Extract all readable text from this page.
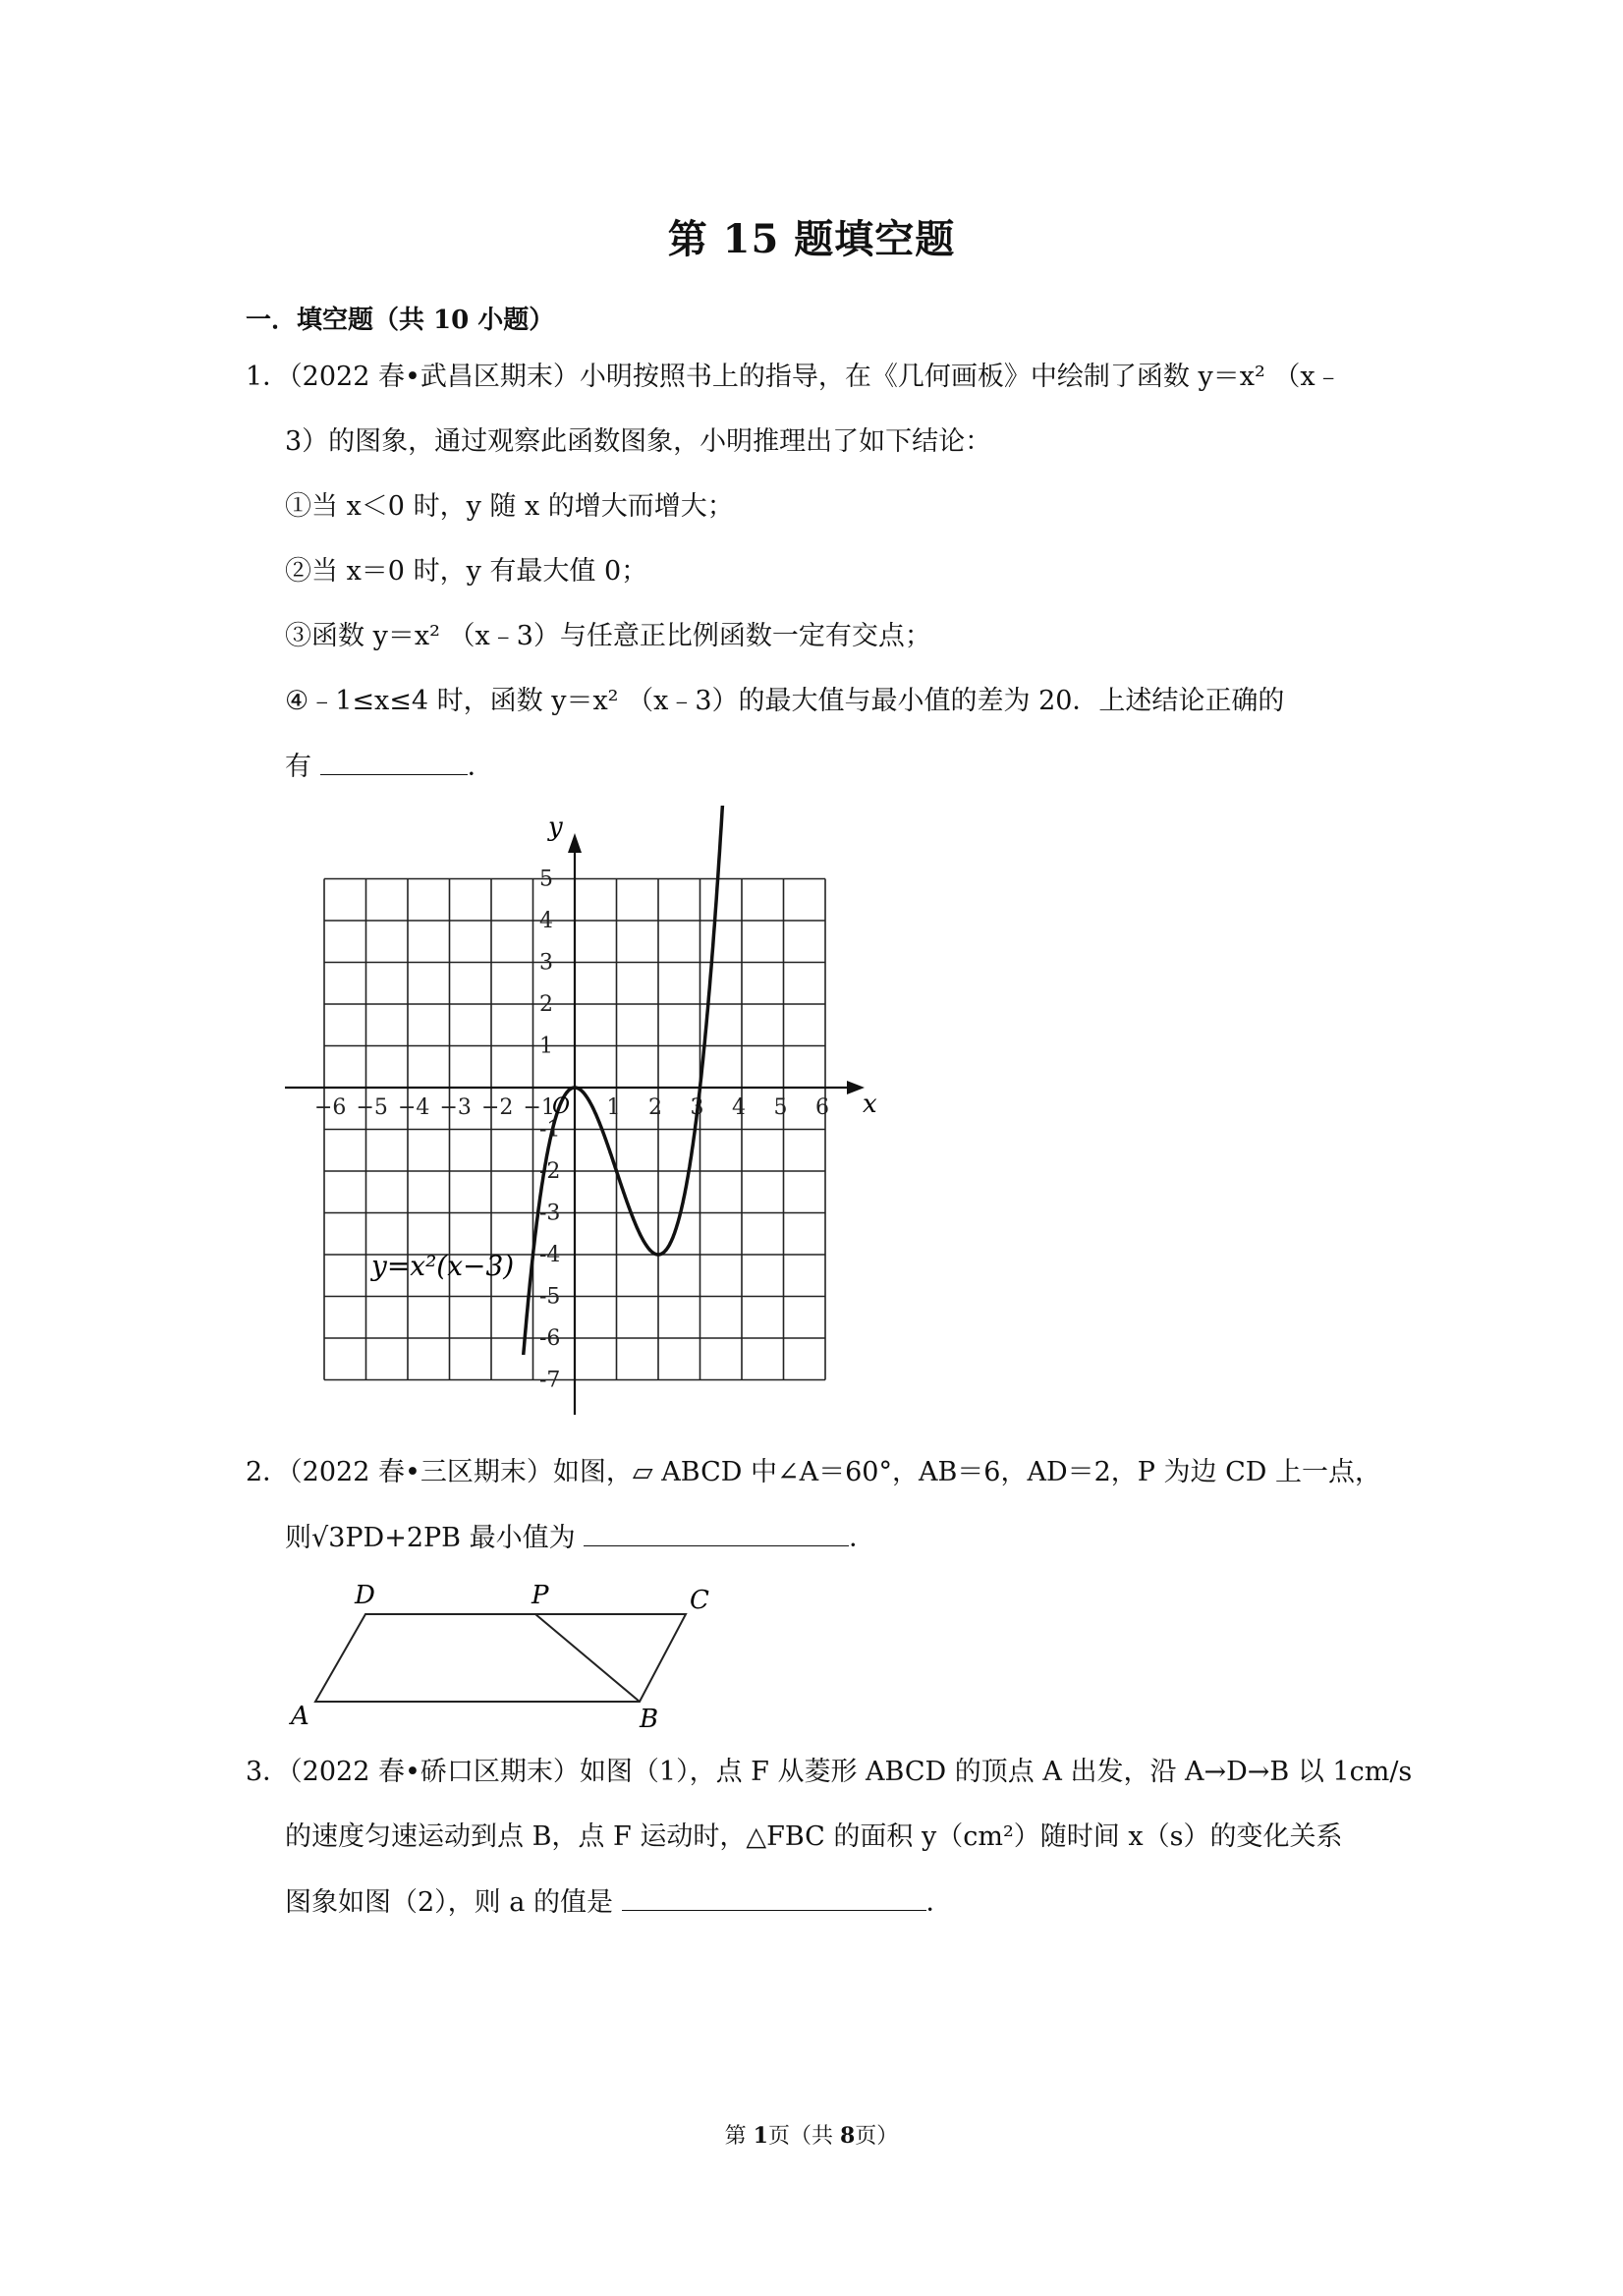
第 15 题填空题
一．填空题（共 10 小题）
1．（2022 春•武昌区期末）小明按照书上的指导，在《几何画板》中绘制了函数 y＝x² （x﹣
3）的图象，通过观察此函数图象，小明推理出了如下结论：
①当 x＜0 时，y 随 x 的增大而增大；
②当 x＝0 时，y 有最大值 0；
③函数 y＝x² （x﹣3）与任意正比例函数一定有交点；
④﹣1≤x≤4 时，函数 y＝x² （x﹣3）的最大值与最小值的差为 20．上述结论正确的
有	．
−6 −5 −4 −3 −2 −1 1 2 3 4 5 6
5
4
3
2
1
-1
-2
-3
-4
-5
-6
-7
x
y
O
y=x²(x−3)
2．（2022 春•三区期末）如图，▱ ABCD 中∠A＝60°，AB＝6，AD＝2，P 为边 CD 上一点，
则√3PD+2PB 最小值为	．
A	B
C
D	P
3．（2022 春•硚口区期末）如图（1），点 F 从菱形 ABCD 的顶点 A 出发，沿 A→D→B 以 1cm/s
的速度匀速运动到点 B，点 F 运动时，△FBC 的面积 y（cm²）随时间 x（s）的变化关系
图象如图（2），则 a 的值是	．
第 1页（共 8页）
